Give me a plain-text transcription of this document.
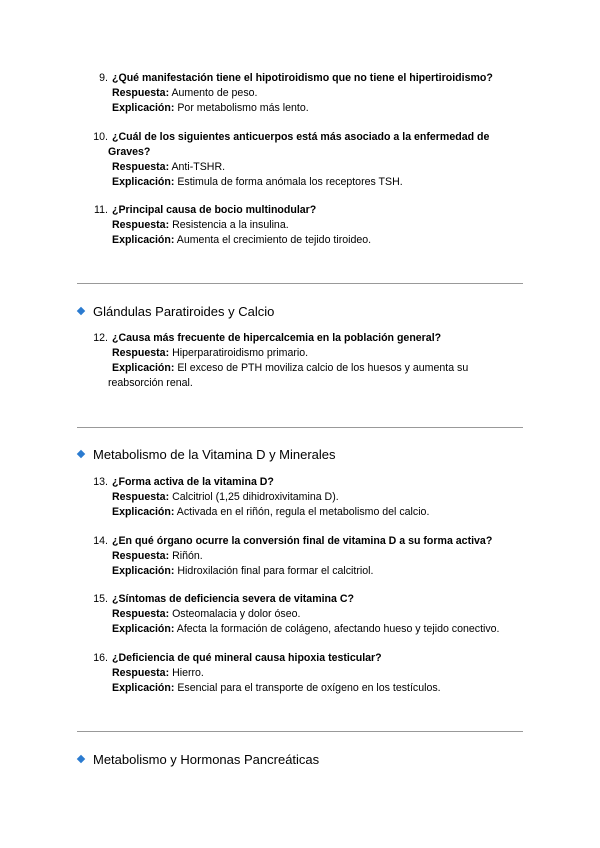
9. ¿Qué manifestación tiene el hipotiroidismo que no tiene el hipertiroidismo?
Respuesta: Aumento de peso.
Explicación: Por metabolismo más lento.
10. ¿Cuál de los siguientes anticuerpos está más asociado a la enfermedad de
Graves?
Respuesta: Anti-TSHR.
Explicación: Estimula de forma anómala los receptores TSH.
11. ¿Principal causa de bocio multinodular?
Respuesta: Resistencia a la insulina.
Explicación: Aumenta el crecimiento de tejido tiroideo.
Glándulas Paratiroides y Calcio
12. ¿Causa más frecuente de hipercalcemia en la población general?
Respuesta: Hiperparatiroidismo primario.
Explicación: El exceso de PTH moviliza calcio de los huesos y aumenta su
reabsorción renal.
Metabolismo de la Vitamina D y Minerales
13. ¿Forma activa de la vitamina D?
Respuesta: Calcitriol (1,25 dihidroxivitamina D).
Explicación: Activada en el riñón, regula el metabolismo del calcio.
14. ¿En qué órgano ocurre la conversión final de vitamina D a su forma activa?
Respuesta: Riñón.
Explicación: Hidroxilación final para formar el calcitriol.
15. ¿Síntomas de deficiencia severa de vitamina C?
Respuesta: Osteomalacia y dolor óseo.
Explicación: Afecta la formación de colágeno, afectando hueso y tejido conectivo.
16. ¿Deficiencia de qué mineral causa hipoxia testicular?
Respuesta: Hierro.
Explicación: Esencial para el transporte de oxígeno en los testículos.
Metabolismo y Hormonas Pancreáticas
